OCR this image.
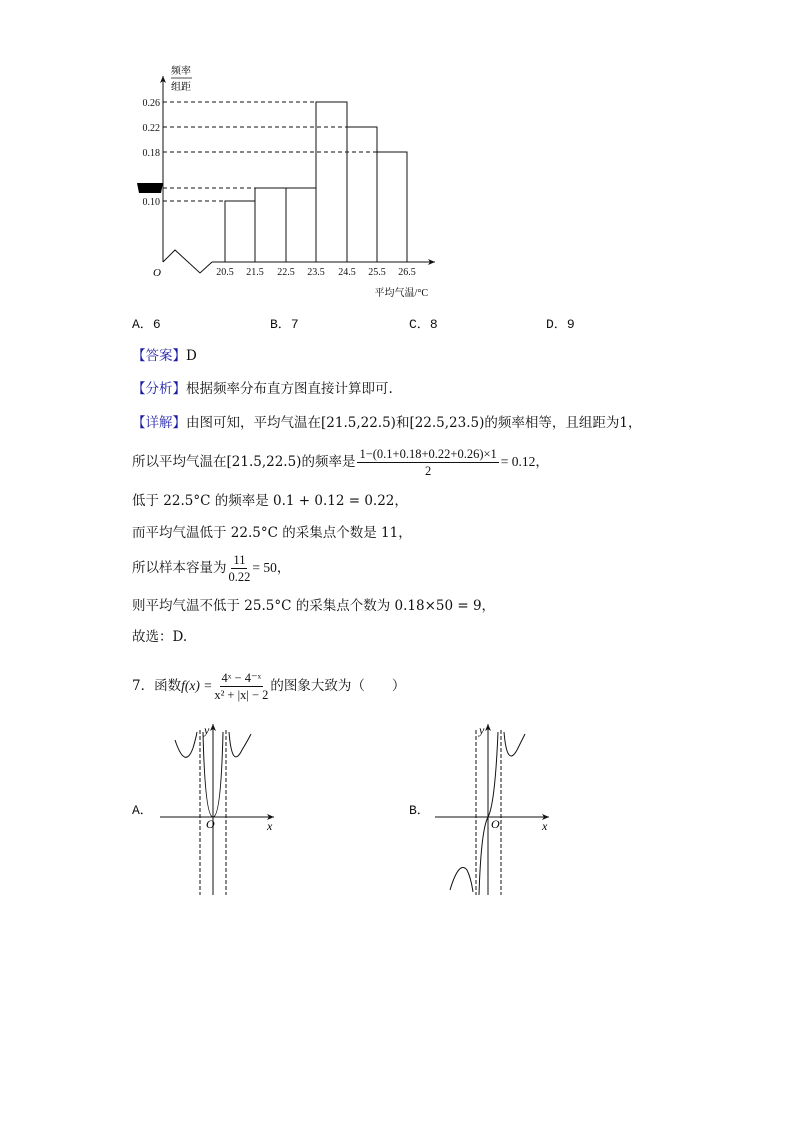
0.26
0.22
0.18
0.10
频率
组距
20.5 21.5 22.5 23.5 24.5 25.5 26.5
O
平均气温/°C
A．6	B．7	C．8	D．9
【答案】D
【分析】根据频率分布直方图直接计算即可.
【详解】由图可知，平均气温在[21.5,22.5)和[22.5,23.5)的频率相等，且组距为1，
所以平均气温在[21.5,22.5)的频率是 $\frac{1-(0.1+0.18+0.22+0.26)\times 1}{2} = 0.12$，
低于 22.5°C 的频率是 0.1 + 0.12 = 0.22，
而平均气温低于 22.5°C 的采集点个数是 11，
所以样本容量为 $\frac{11}{0.22} = 50$，
则平均气温不低于 25.5°C 的采集点个数为 0.18×50 = 9，
故选：D.
7．函数$f(x) = \frac{\text{4ˣ − 4⁻ˣ}}{\text{x² + |x| − 2}}$ 的图象大致为（　　）
A．
O	x
y
B．
O	x
y
